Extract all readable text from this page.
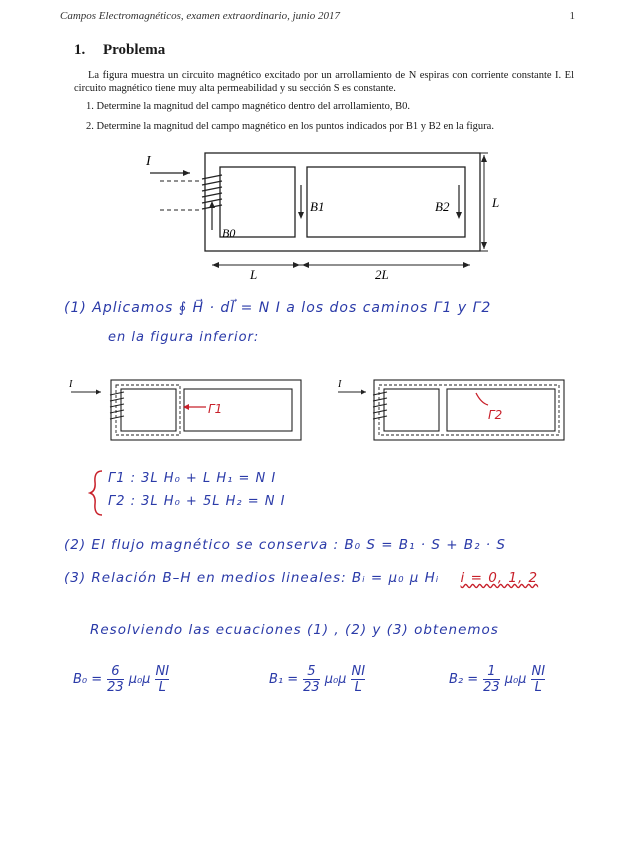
Campos Electromagnéticos, examen extraordinario, junio 2017	1
1. Problema
La figura muestra un circuito magnético excitado por un arrollamiento de N espiras con corriente constante I. El circuito magnético tiene muy alta permeabilidad y su sección S es constante.
1. Determine la magnitud del campo magnético dentro del arrollamiento, B0.
2. Determine la magnitud del campo magnético en los puntos indicados por B1 y B2 en la figura.
I
B0
B1	B2	L
L	2L
(1) Aplicamos ∮ H⃗ · dl⃗ = N I a los dos caminos Γ1 y Γ2
en la figura inferior:
I
Γ1
I
Γ2
Γ1 : 3L H₀ + L H₁ = N I
Γ2 : 3L H₀ + 5L H₂ = N I
(2) El flujo magnético se conserva : B₀ S = B₁ · S + B₂ · S
(3) Relación B–H en medios lineales: Bᵢ = μ₀ μ Hᵢ i = 0, 1, 2
Resolviendo las ecuaciones (1) , (2) y (3) obtenemos
B₀ =	
6
23
	μ₀μ	
NI
L
B₁ =	
5
23
	μ₀μ	
NI
L
B₂ =	
1
23
	μ₀μ	
NI
L
